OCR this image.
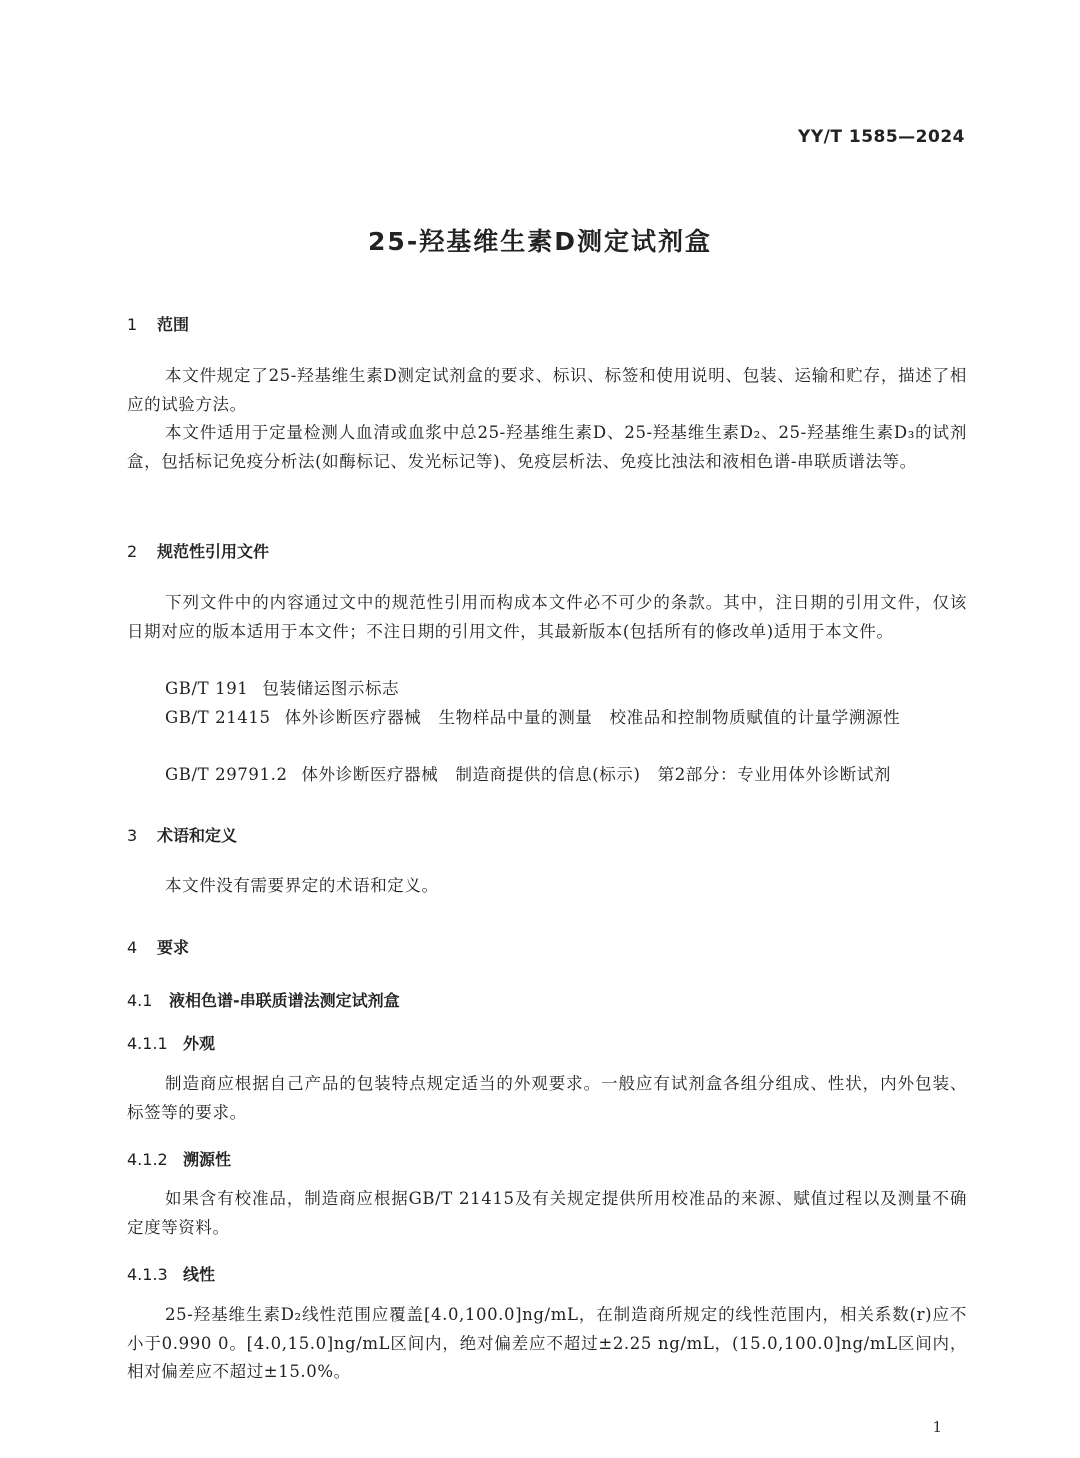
YY/T 1585—2024
25-羟基维生素D测定试剂盒
1 范围

本文件规定了25-羟基维生素D测定试剂盒的要求、标识、标签和使用说明、包装、运输和贮存，描述了相应的试验方法。

本文件适用于定量检测人血清或血浆中总25-羟基维生素D、25-羟基维生素D₂、25-羟基维生素D₃的试剂盒，包括标记免疫分析法(如酶标记、发光标记等)、免疫层析法、免疫比浊法和液相色谱-串联质谱法等。

2 规范性引用文件

下列文件中的内容通过文中的规范性引用而构成本文件必不可少的条款。其中，注日期的引用文件，仅该日期对应的版本适用于本文件；不注日期的引用文件，其最新版本(包括所有的修改单)适用于本文件。

GB/T 191 包装储运图示标志

GB/T 21415 体外诊断医疗器械　生物样品中量的测量　校准品和控制物质赋值的计量学溯源性

GB/T 29791.2 体外诊断医疗器械　制造商提供的信息(标示)　第2部分：专业用体外诊断试剂

3 术语和定义

本文件没有需要界定的术语和定义。

4 要求
4.1 液相色谱-串联质谱法测定试剂盒
4.1.1 外观

制造商应根据自己产品的包装特点规定适当的外观要求。一般应有试剂盒各组分组成、性状，内外包装、标签等的要求。

4.1.2 溯源性

如果含有校准品，制造商应根据GB/T 21415及有关规定提供所用校准品的来源、赋值过程以及测量不确定度等资料。

4.1.3 线性

25-羟基维生素D₂线性范围应覆盖[4.0,100.0]ng/mL，在制造商所规定的线性范围内，相关系数(r)应不小于0.990 0。[4.0,15.0]ng/mL区间内，绝对偏差应不超过±2.25 ng/mL，(15.0,100.0]ng/mL区间内，相对偏差应不超过±15.0%。

1
